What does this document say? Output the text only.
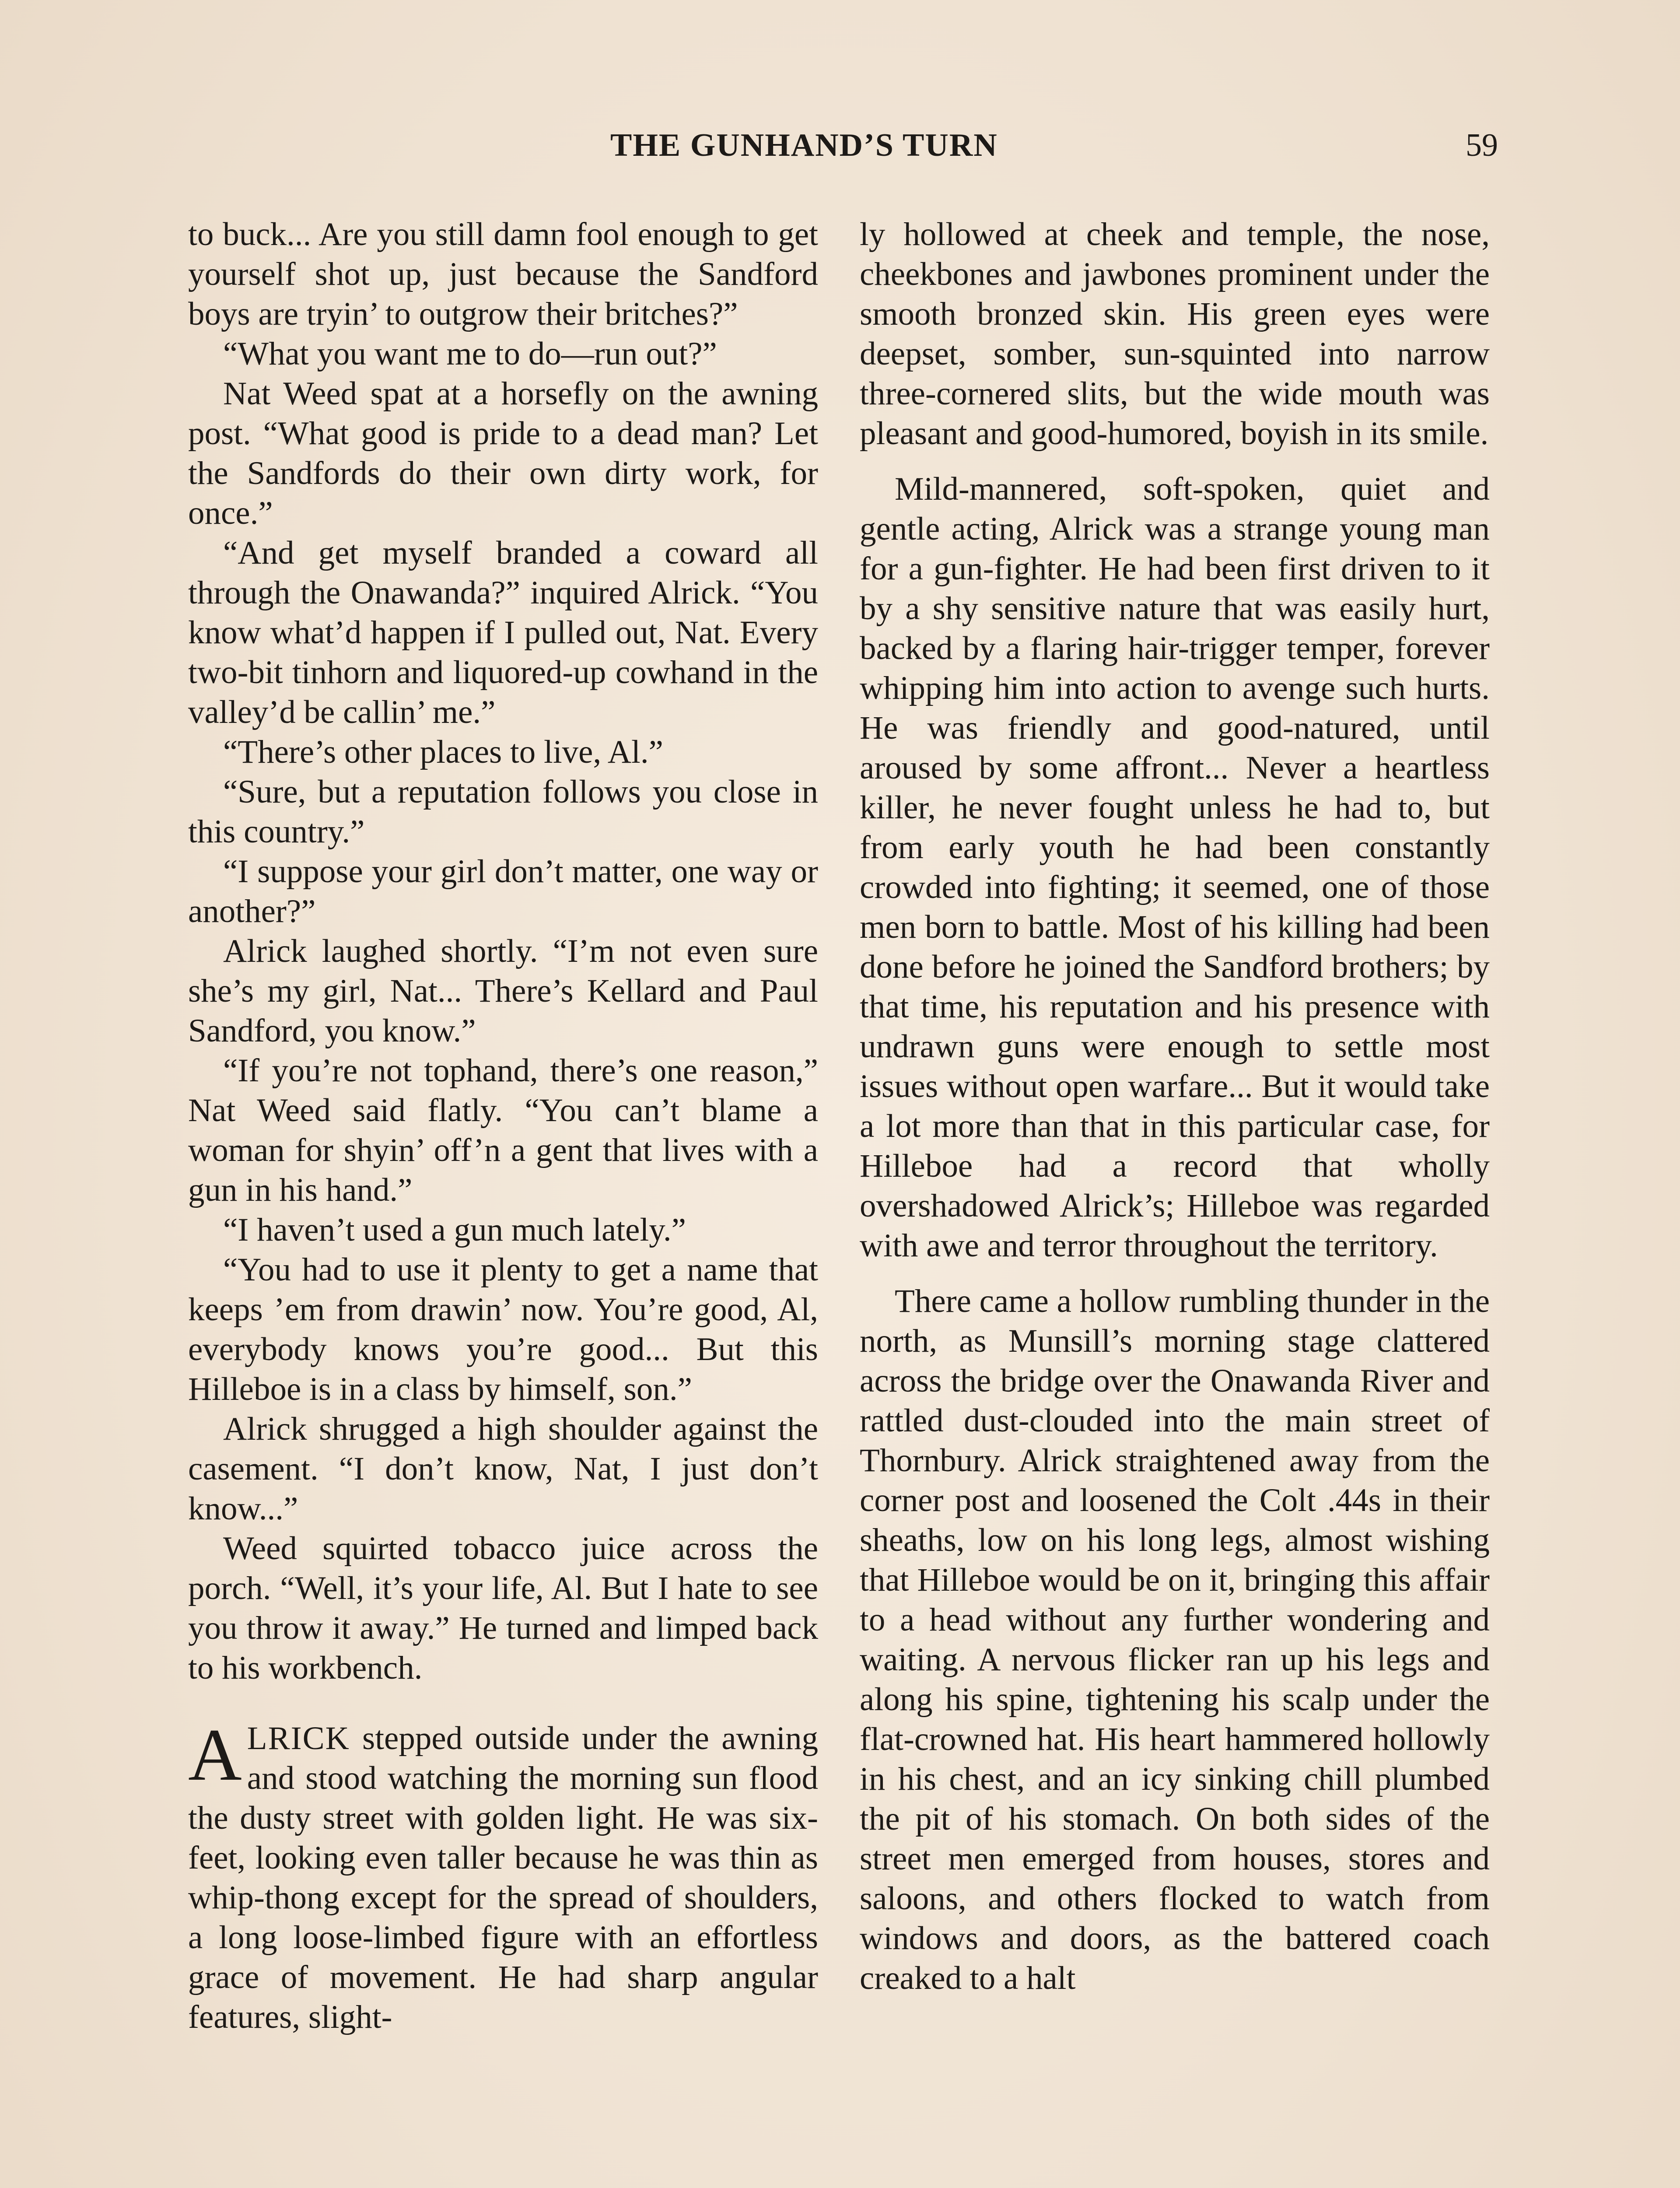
THE GUNHAND’S TURN	59

to buck... Are you still damn fool enough to get yourself shot up, just because the Sandford boys are tryin’ to outgrow their britches?”

“What you want me to do—run out?”

Nat Weed spat at a horsefly on the awning post. “What good is pride to a dead man? Let the Sandfords do their own dirty work, for once.”

“And get myself branded a coward all through the Onawanda?” inquired Alrick. “You know what’d happen if I pulled out, Nat. Every two-bit tinhorn and liquored-up cowhand in the valley’d be callin’ me.”

“There’s other places to live, Al.”

“Sure, but a reputation follows you close in this country.”

“I suppose your girl don’t matter, one way or another?”

Alrick laughed shortly. “I’m not even sure she’s my girl, Nat... There’s Kellard and Paul Sandford, you know.”

“If you’re not tophand, there’s one reason,” Nat Weed said flatly. “You can’t blame a woman for shyin’ off’n a gent that lives with a gun in his hand.”

“I haven’t used a gun much lately.”

“You had to use it plenty to get a name that keeps ’em from drawin’ now. You’re good, Al, everybody knows you’re good... But this Hilleboe is in a class by himself, son.”

Alrick shrugged a high shoulder against the casement. “I don’t know, Nat, I just don’t know...”

Weed squirted tobacco juice across the porch. “Well, it’s your life, Al. But I hate to see you throw it away.” He turned and limped back to his workbench.

ALRICK stepped outside under the awning and stood watching the morning sun flood the dusty street with golden light. He was six-feet, looking even taller because he was thin as whip-thong except for the spread of shoulders, a long loose-limbed figure with an effortless grace of movement. He had sharp angular features, slight-

ly hollowed at cheek and temple, the nose, cheekbones and jawbones prominent under the smooth bronzed skin. His green eyes were deepset, somber, sun-squinted into narrow three-cornered slits, but the wide mouth was pleasant and good-humored, boyish in its smile.

Mild-mannered, soft-spoken, quiet and gentle acting, Alrick was a strange young man for a gun-fighter. He had been first driven to it by a shy sensitive nature that was easily hurt, backed by a flaring hair-trigger temper, forever whipping him into action to avenge such hurts. He was friendly and good-natured, until aroused by some affront... Never a heartless killer, he never fought unless he had to, but from early youth he had been constantly crowded into fighting; it seemed, one of those men born to battle. Most of his killing had been done before he joined the Sandford brothers; by that time, his reputation and his presence with undrawn guns were enough to settle most issues without open warfare... But it would take a lot more than that in this particular case, for Hilleboe had a record that wholly overshadowed Alrick’s; Hilleboe was regarded with awe and terror throughout the territory.

There came a hollow rumbling thunder in the north, as Munsill’s morning stage clattered across the bridge over the Onawanda River and rattled dust-clouded into the main street of Thornbury. Alrick straightened away from the corner post and loosened the Colt .44s in their sheaths, low on his long legs, almost wishing that Hilleboe would be on it, bringing this affair to a head without any further wondering and waiting. A nervous flicker ran up his legs and along his spine, tightening his scalp under the flat-crowned hat. His heart hammered hollowly in his chest, and an icy sinking chill plumbed the pit of his stomach. On both sides of the street men emerged from houses, stores and saloons, and others flocked to watch from windows and doors, as the battered coach creaked to a halt
